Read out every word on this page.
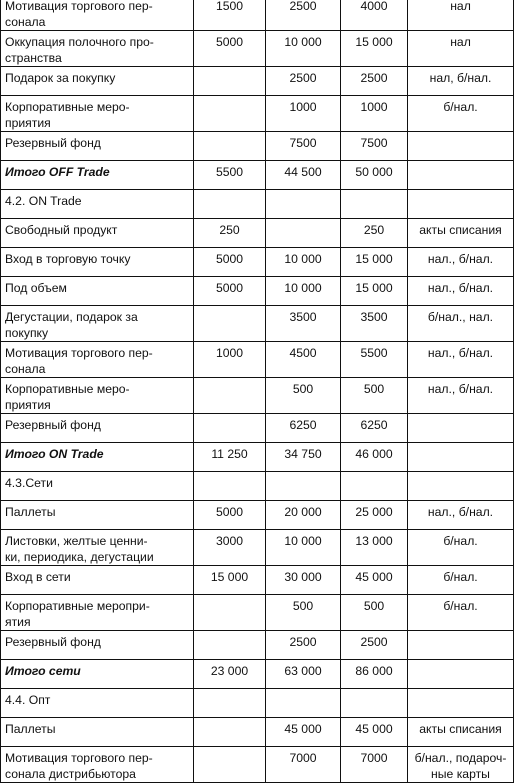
Мотивация торгового пер-
сонала	1500	2500	4000	нал
Оккупация полочного про-
странства	5000	10 000	15 000	нал
Подарок за покупку		2500	2500	нал, б/нал.
Корпоративные меро-
приятия		1000	1000	б/нал.
Резервный фонд		7500	7500	
Итого OFF Trade	5500	44 500	50 000	
4.2. ON Trade				
Свободный продукт	250		250	акты списания
Вход в торговую точку	5000	10 000	15 000	нал., б/нал.
Под объем	5000	10 000	15 000	нал., б/нал.
Дегустации, подарок за
покупку		3500	3500	б/нал., нал.
Мотивация торгового пер-
сонала	1000	4500	5500	нал., б/нал.
Корпоративные меро-
приятия		500	500	нал., б/нал.
Резервный фонд		6250	6250	
Итого ON Trade	11 250	34 750	46 000	
4.3.Сети				
Паллеты	5000	20 000	25 000	нал., б/нал.
Листовки, желтые ценни-
ки, периодика, дегустации	3000	10 000	13 000	б/нал.
Вход в сети	15 000	30 000	45 000	б/нал.
Корпоративные меропри-
ятия		500	500	б/нал.
Резервный фонд		2500	2500	
Итого сети	23 000	63 000	86 000	
4.4. Опт				
Паллеты		45 000	45 000	акты списания
Мотивация торгового пер-
сонала дистрибьютора		7000	7000	б/нал., подароч-
ные карты
